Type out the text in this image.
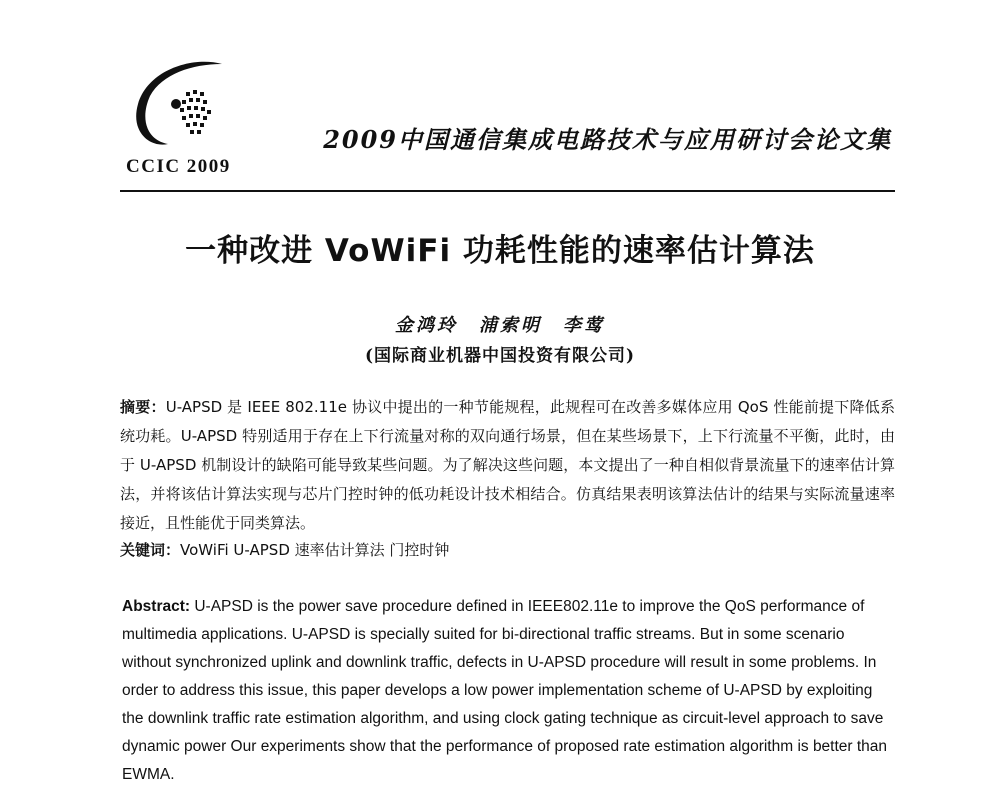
CCIC 2009
2009中国通信集成电路技术与应用研讨会论文集
一种改进 VoWiFi 功耗性能的速率估计算法
金鸿玲　浦索明　李莺
(国际商业机器中国投资有限公司)
摘要：U-APSD 是 IEEE 802.11e 协议中提出的一种节能规程，此规程可在改善多媒体应用 QoS 性能前提下降低系统功耗。U-APSD 特别适用于存在上下行流量对称的双向通行场景，但在某些场景下，上下行流量不平衡，此时，由于 U-APSD 机制设计的缺陷可能导致某些问题。为了解决这些问题，本文提出了一种自相似背景流量下的速率估计算法，并将该估计算法实现与芯片门控时钟的低功耗设计技术相结合。仿真结果表明该算法估计的结果与实际流量速率接近，且性能优于同类算法。
关键词：VoWiFi U-APSD 速率估计算法 门控时钟
Abstract: U-APSD is the power save procedure defined in IEEE802.11e to improve the QoS performance of multimedia applications. U-APSD is specially suited for bi-directional traffic streams. But in some scenario without synchronized uplink and downlink traffic, defects in U-APSD procedure will result in some problems. In order to address this issue, this paper develops a low power implementation scheme of U-APSD by exploiting the downlink traffic rate estimation algorithm, and using clock gating technique as circuit-level approach to save dynamic power Our experiments show that the performance of proposed rate estimation algorithm is better than EWMA.
